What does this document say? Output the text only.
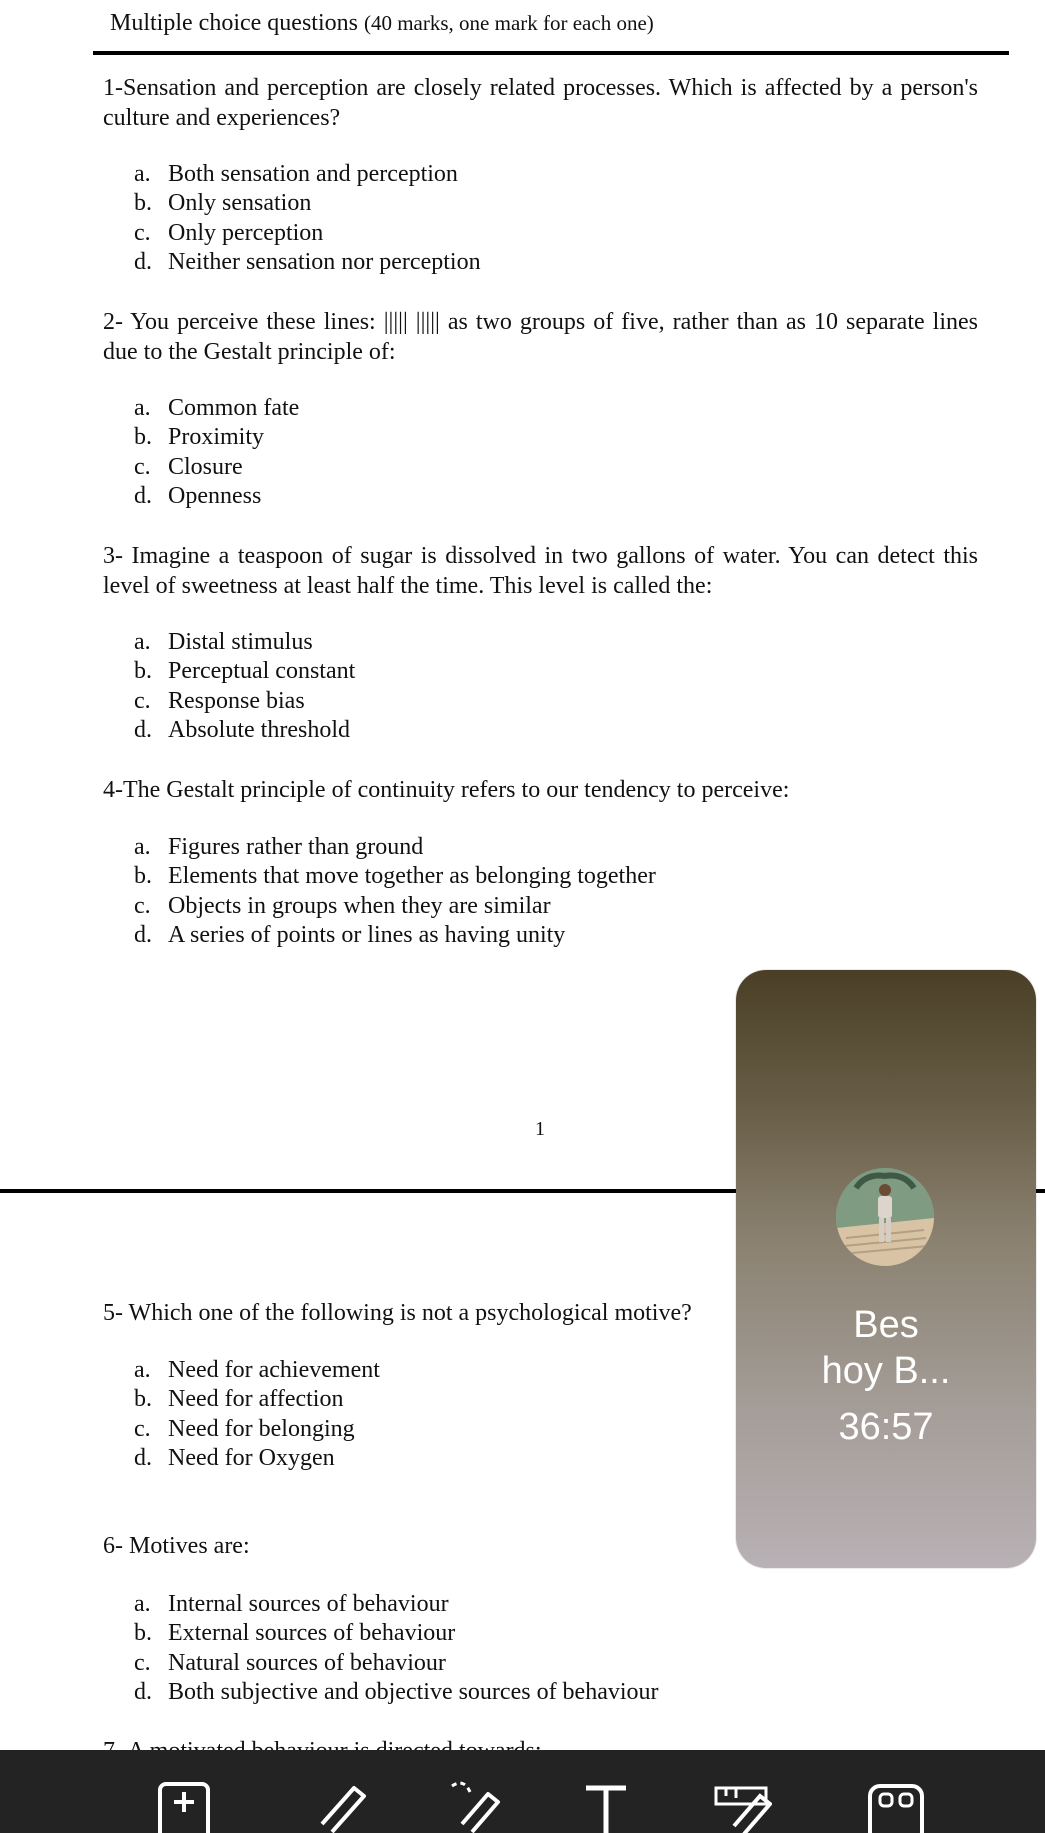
Multiple choice questions (40 marks, one mark for each one)
1-Sensation and perception are closely related processes. Which is affected by a person's culture and experiences?
a. Both sensation and perception
b. Only sensation
c. Only perception
d. Neither sensation nor perception
2- You perceive these lines: ||||| ||||| as two groups of five, rather than as 10 separate lines due to the Gestalt principle of:
a. Common fate
b. Proximity
c. Closure
d. Openness
3- Imagine a teaspoon of sugar is dissolved in two gallons of water. You can detect this level of sweetness at least half the time. This level is called the:
a. Distal stimulus
b. Perceptual constant
c. Response bias
d. Absolute threshold
4-The Gestalt principle of continuity refers to our tendency to perceive:
a. Figures rather than ground
b. Elements that move together as belonging together
c. Objects in groups when they are similar
d. A series of points or lines as having unity
1
5- Which one of the following is not a psychological motive?
a. Need for achievement
b. Need for affection
c. Need for belonging
d. Need for Oxygen
6- Motives are:
a. Internal sources of behaviour
b. External sources of behaviour
c. Natural sources of behaviour
d. Both subjective and objective sources of behaviour
Bes
hoy B...
36:57
